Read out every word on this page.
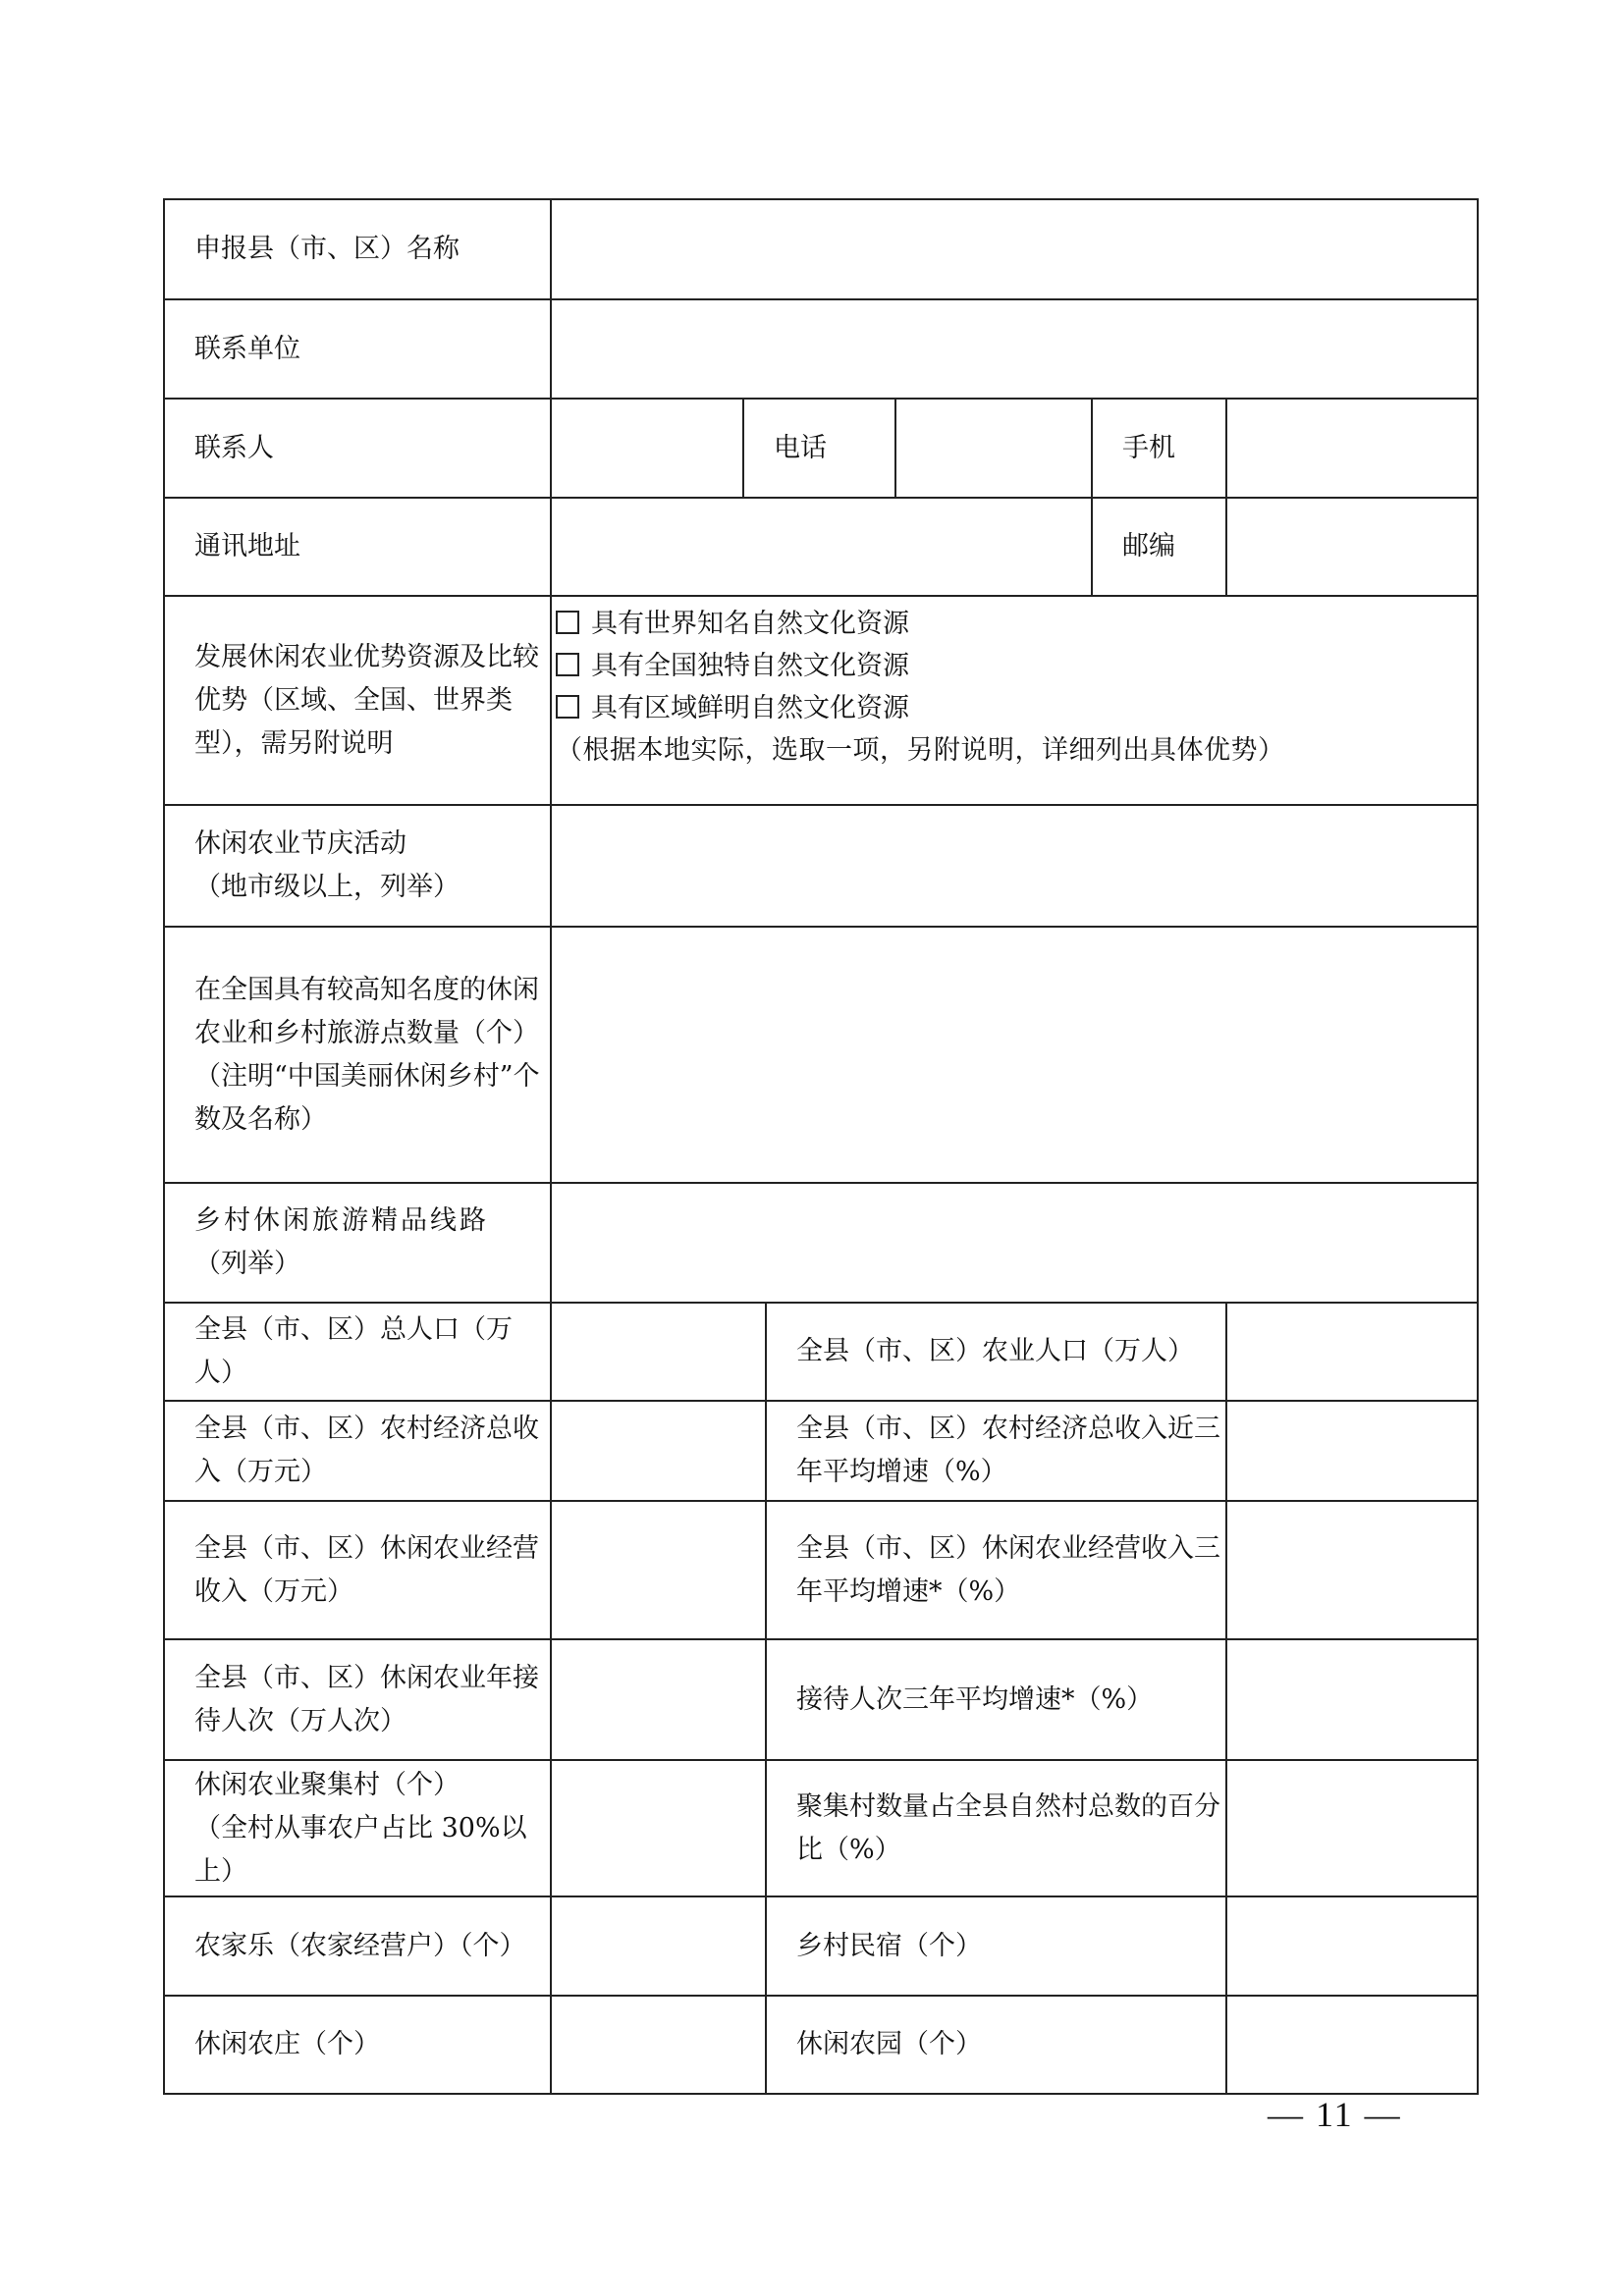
申报县（市、区）名称						
联系单位						
联系人		电话			手机	
通讯地址					邮编	
发展休闲农业优势资源及比较优势（区域、全国、世界类型），需另附说明	具有世界知名自然文化资源
具有全国独特自然文化资源
具有区域鲜明自然文化资源
（根据本地实际，选取一项，另附说明，详细列出具体优势）					

休闲农业节庆活动
（地市级以上，列举）						

在全国具有较高知名度的休闲农业和乡村旅游点数量（个）
（注明“中国美丽休闲乡村”个数及名称）						

乡村休闲旅游精品线路
（列举）						

全县（市、区）总人口（万人）			全县（市、区）农业人口（万人）			
全县（市、区）农村经济总收入（万元）			全县（市、区）农村经济总收入近三年平均增速（%）			
全县（市、区）休闲农业经营收入（万元）			全县（市、区）休闲农业经营收入三年平均增速*（%）			
全县（市、区）休闲农业年接待人次（万人次）			接待人次三年平均增速*（%）			

休闲农业聚集村（个）
（全村从事农户占比 30%以上）			聚集村数量占全县自然村总数的百分比（%）			
农家乐（农家经营户）（个）			乡村民宿（个）			
休闲农庄（个）			休闲农园（个）			
— 11 —
